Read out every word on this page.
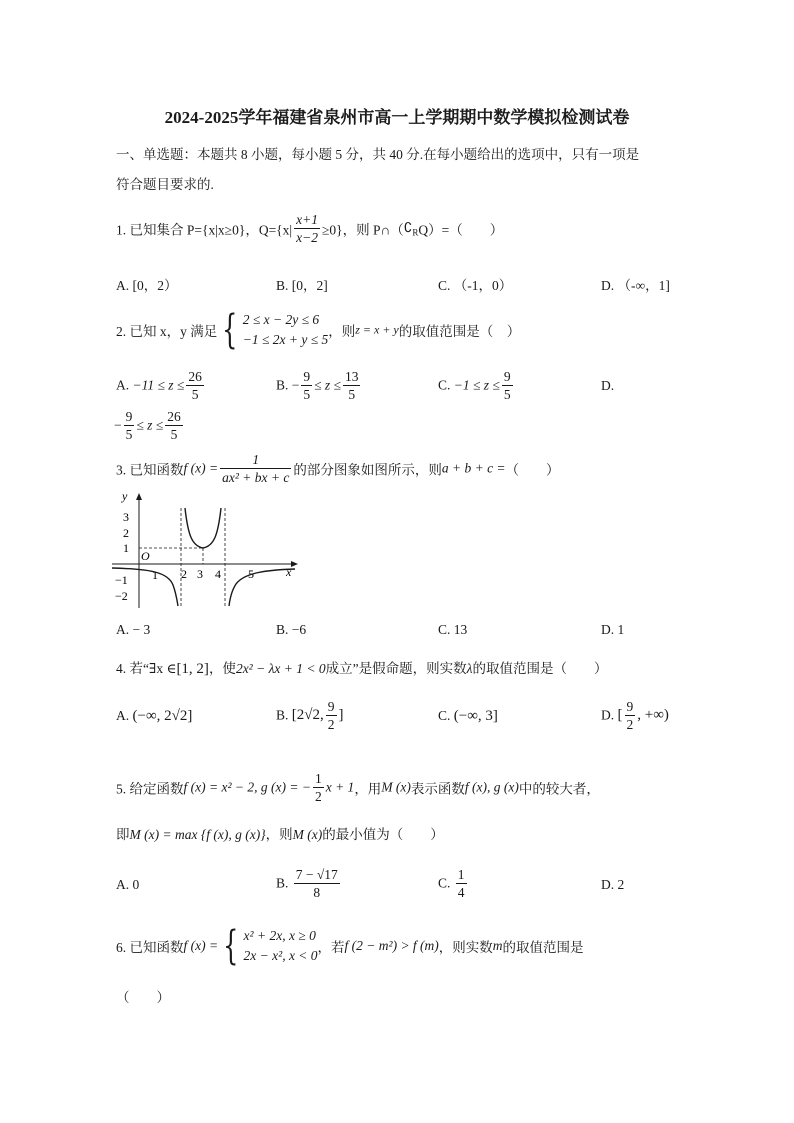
2024-2025学年福建省泉州市高一上学期期中数学模拟检测试卷
一、单选题：本题共 8 小题，每小题 5 分，共 40 分.在每小题给出的选项中，只有一项是
符合题目要求的.
1. 已知集合 P={x|x≥0}，$Q=\{x| \frac{x+1}{x-2} \ge 0\}$，则 $P\cap(∁_RQ)=$（　　）
A. [0，2）	B. [0，2]	C. （-1，0）	D. （-∞，1]
2. 已知 x，y 满足 { 2 ≤ x − 2y ≤ 6
−1 ≤ 2x + y ≤ 5
，则z = x + y的取值范围是（　）
A. $-11 \le z \le \frac{26}{5}$	B. − $\frac{9}{5} \le z \le \frac{13}{5}$	C. $-1 \le z \le \frac{9}{5}$	D.
− $\frac{9}{5} \le z \le \frac{26}{5}$
3. 已知函数f $(x) = \frac{1}{\text{ax² + bx + c}}$ 的部分图象如图所示，则a + b + c =（　　）
y
x
O
3
2
1
−1
−2
1 2 3 4 5
A. − 3	B. −6	C. 13	D. 1
4. 若“∃x ∈[1, 2]，使2x² − λx + 1 < 0成立”是假命题，则实数λ的取值范围是（　　）
A. (−∞, 2√2]	B. [2√2, $\frac{9}{2}$ ]	C. (−∞, 3]	D. [ $\frac{9}{2}$ , +∞)
5. 给定函数f (x) = x² − 2, g (x) = − $\frac{1}{2}$ x + 1，用M (x)表示函数f (x), g (x)中的较大者，
即M (x) = max {f (x), g (x)}，则M (x)的最小值为（　　）
A. 0	B. $\frac{7 - √17}{8}$	C. $\frac{1}{4}$	D. 2
6. 已知函数f (x) = { x² + 2x, x ≥ 0
2x − x², x < 0
，若f (2 − m²) > f (m)，则实数m的取值范围是
（　　）
